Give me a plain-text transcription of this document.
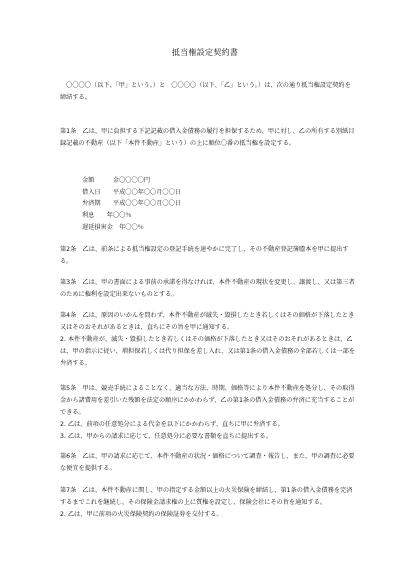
抵当権設定契約書

　〇〇〇〇（以下、「甲」という。）と　〇〇〇〇（以下、「乙」という。）は、次の通り抵当権設定契約を締結する。

第1条　乙は、甲に負担する下記記載の借入金債務の履行を担保するため、甲に対し、乙の所有する別紙目録記載の不動産（以下「本件不動産」という）の上に順位〇番の抵当権を設定する。

金額　　　金〇〇〇〇円
借入日　　平成〇〇年〇〇月〇〇日
弁済期　　平成〇〇年〇〇月〇〇日
利息　　年〇〇％
遅延損害金　年〇〇％

第2条　乙は、前条による抵当権設定の登記手続を速やかに完了し、その不動産登記簿謄本を甲に提出する。

第3条　乙は、甲の書面による事前の承諾を得なければ、本件不動産の現状を変更し、譲渡し、又は第三者のために権利を設定出来ないものとする。

第4条　乙は、原因のいかんを問わず、本件不動産が滅失・毀損したとき若しくはその価格が下落したとき又はそのおそれがあるときは、直ちにその旨を甲に通知する。
2. 本件不動産が、滅失・毀損したとき若しくはその価格が下落したとき又はそのおそれがあるときは、乙は、甲の指示に従い、増担保若しくは代り担保を差し入れ、又は第1条の借入金債務の全部若しくは一部を弁済する。

第5条　甲は、競売手続によることなく、適当な方法、時期、価格等により本件不動産を処分し、その取得金から諸費用を差引いた残額を法定の順序にかかわらず、乙の第1条の借入金債務の弁済に充当することができる。
2. 乙は、前項の任意処分による代金を以下にかかわらず、直ちに甲に弁済する。
3. 乙は、甲からの請求に応じて、任意処分に必要な書類を直ちに提出する。

第6条　乙は、甲の請求に応じて、本件不動産の状況・価格について調査・報告し、また、甲の調査に必要な便宜を提供する。

第7条　乙は、本件不動産に関し、甲の指定する金額以上の火災保険を締結し、第1条の借入金債務を完済するまでこれを継続し、その保険金請求権の上に質権を設定し、保険会社にその旨を通知する。
2. 乙は、甲に前項の火災保険契約の保険証券を交付する。
